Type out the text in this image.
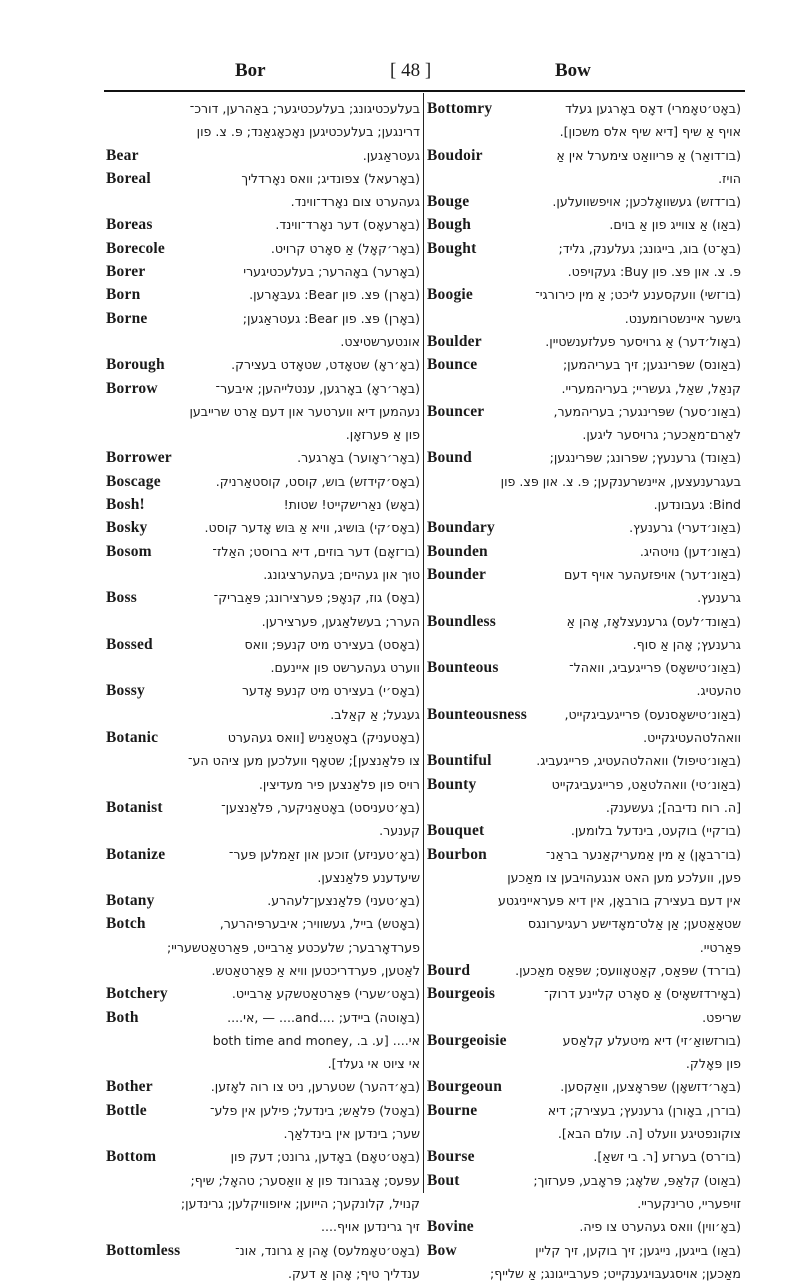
Bor	[ 48 ]	Bow
בעלעכטיגונג; בעלעכטיגער; באַהרען, דורכ־
דרינגען; בעלעכטיגען נאָכאָגאַנד; פּ. צ. פון
Bear	געטראַגען.
Boreal	(באָרעאל) צפונדיג; וואס נאָרדליך
געהערט צום נאָרד־ווינד.
Boreas	(באָרעאָס) דער נאָרד־ווינד.
Borecole	(באָר׳קאָל) אַ סאָרט קרויט.
Borer	(באָרער) באָהרער; בעלעכטיגערי
Born	(באָרן) פּצ. פון Bear: געבּאָרען.
Borne	(באָרן) פּצ. פון Bear: געטראַגען;
אונטערשטיצט.
Borough	(באָ׳ראָ) שטאָדט, שטאָדט בעצירק.
Borrow	(באָר׳ראָ) באָרגען, ענטלייהען; איבער־
נעהמען דיא ווערטער און דעם אַרט שרייבען
פון אַ פּערזאָן.
Borrower	(באָר׳ראָוער) באָרגער.
Boscage	(באָס׳קידזש) בוש, קוסט, קוסטאַרניק.
Bosh!	(באָש) נאַרישקייט! שטות!
Bosky	(באָס׳קי) בּושיג, וויא אַ בּוש אָדער קוסט.
Bosom	(בו־זאָם) דער בוזים, דיא ברוסט; האַלז־
טוּך און געהיים; בּעהערציגונג.
Boss	(באָס) גוז, קנאָפּ; פערצירונג; פּאַבריק־
הערר; בעשלאַגען, פערצירען.
Bossed	(באָסט) בעצירט מיט קנעפּ; וואס
ווערט געהערשט פון איינעם.
Bossy	(באָס׳י) בעצירט מיט קנעפּ אָדער
געגעל; אַ קאַלב.
Botanic	(באָטעניק) באָטאַניש [וואס געהערט
צו פלאַנצען]; שטאָף וועלכען מען ציהט הע־
רויס פון פלאַנצען פיר מעדיצין.
Botanist	(באָ׳טעניסט) באָטאַניקער, פלאַנצען־
קענער.
Botanize	(באָ׳טעניזע) זוכען און זאַמלען פּער־
שיעדענע פלאַנצען.
Botany	(באָ׳טעני) פלאַנצען־לעהרע.
Botch	(באָטש) בייל, געשוויר; איבערפּיהרער,
פערדאָרבער; שלעכטע אַרבייט, פּאַרטאַטשעריי;
לאַטען, פערדריכטען וויא אַ פּאַרטאַטש.
Botchery	(באָט׳שערי) פּאַרטאַטשקע אַרבייט.
Both	(באָוטה) ביידע; ....and.... — ,אי....
אי.... [ע. ב. ,both time and money
אי ציוט אי געלד].
Bother	(באָ׳דהער) שטערען, ניט צו רוה לאָזען.
Bottle	(באָטל) פלאַש; בינדעל; פילען אין פלע־
שער; בינדען אין בינדלאַך.
Bottom	(באָט׳טאָם) באָדען, גרונט; דעק פון
עפּעס; אָבּגרונד פון אַ וואַסער; טהאָל; שיף;
קנויל, קלונקעך; הייוען; איופוויקלען; גרינדען;
זיך גרינדען אויף....
Bottomless	(באָט׳טאָמלעס) אָהן אַ גרונד, אונ־
ענדליך טיף; אָהן אַ דעק.
Bottomry	(באָט׳טאָמרי) דאָס באָרגען געלד
אויף אַ שיף [דיא שיף אלס משכון].
Boudoir	(בו־דואַר) אַ פּריוואַט צימערל אין אַ
הויז.
Bouge	(בו־דזש) געשוואָלכען; אויפשוועלען.
Bough	(באַו) אַ צווייג פון אַ בוים.
Bought	(באָ־ט) בוג, בייגונג; געלענק, גליד;
פּ. צ. און פּצ. פון Buy: געקויפט.
Boogie	(בו־זשי) וועקסענע ליכט; אַ מין כירורגי־
גישער איינשטרומענט.
Boulder	(באָול׳דער) אַ גרויסער פעלזענשטיין.
Bounce	(באַונס) שפּרינגען; זיך בעריהמען;
קנאַל, שאַל, געשריי; בעריהמעריי.
Bouncer	(באַונ׳סער) שפּרינגער; בעריהמער,
לאַרם־מאַכער; גרויסער ליגען.
Bound	(באַונד) גרענעץ; שפּרונג; שפּרינגען;
בעגרענעצען, איינשרענקען; פּ. צ. און פּצ. פון
Bind: געבונדען.
Boundary	(באַונ׳דערי) גרענעץ.
Bounden	(באַונ׳דען) נויטהיג.
Bounder	(באַונ׳דער) אויפזעהער אויף דעם
גרענעץ.
Boundless	(באַונד׳לעס) גרענעצלאָז, אָהן אַ
גרענעץ; אָהן אַ סוף.
Bounteous	(באַונ׳טישאָס) פרייגעביג, וואהל־
טהעטיג.
Bounteousness	(באַונ׳טישאָסנעס) פרייגעביגקייט,
וואהלטהעטיגקייט.
Bountiful	(באַונ׳טיפול) וואהלטהעטיג, פרייגעביג.
Bounty	(באַונ׳טי) וואהלטאַט, פרייגעביגקייט
[ה. רוח נדיבה]; געשענק.
Bouquet	(בו־קיי) בוקעט, בינדעל בלומען.
Bourbon	(בו־רבאָן) אַ מין אַמעריקאַנער בראַנ־
פען, וועלכע מען האט אנגעהויבען צו מאַכען
אין דעם בעצירק בורבאָן, אין דיא פּעראייניגטע
שטאַאַטען; אַן אַלט־מאָדישע רעגיערונגס
פּאַרטיי.
Bourd	(בו־רד) שפּאַס, קאַטאָוועס; שפּאַס מאַכען.
Bourgeois	(באָירדזשאָיס) אַ סאָרט קליינע דרוק־
שריפט.
Bourgeoisie	(בורזשואַ׳זי) דיא מיטעלע קלאַסע
פון פּאָלק.
Bourgeoun	(באָר׳דזשאָן) שפּראָצען, וואַקסען.
Bourne	(בו־רן, באָורן) גרענעץ; בעצירק; דיא
צוקונפטיגע וועלט [ה. עולם הבא].
Bourse	(בו־רס) בערזע [ר. בי זשאַ].
Bout	(באַוט) קלאַפּ, שלאָג; פּראָבע, פּערזוך;
זויפעריי, טרינקעריי.
Bovine	(באָ׳ווין) וואס געהערט צו פיה.
Bow	(באַו) בייגען, נייגען; זיך בוקען, זיך קליין
מאַכען; אויסגעבּויגענקייט; פערבייגונג; אַ שלייף;
